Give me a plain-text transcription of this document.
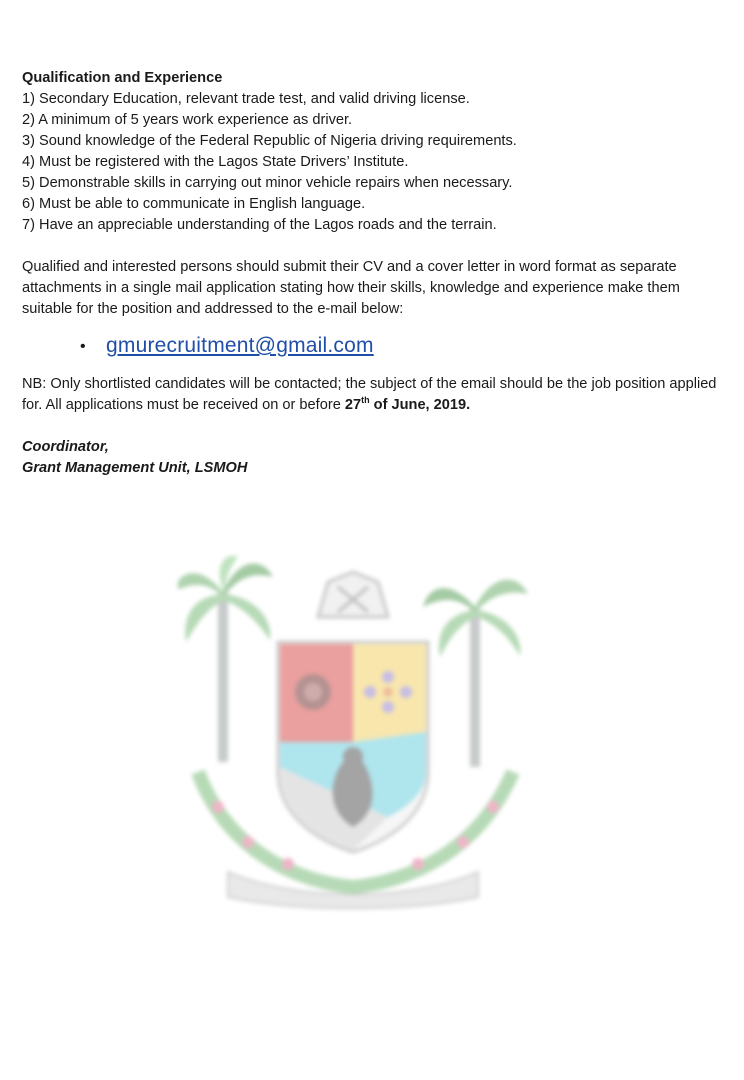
Qualification and Experience

1) Secondary Education, relevant trade test, and valid driving license.
2) A minimum of 5 years work experience as driver.
3) Sound knowledge of the Federal Republic of Nigeria driving requirements.
4) Must be registered with the Lagos State Drivers’ Institute.
5) Demonstrable skills in carrying out minor vehicle repairs when necessary.
6) Must be able to communicate in English language.
7) Have an appreciable understanding of the Lagos roads and the terrain.

Qualified and interested persons should submit their CV and a cover letter in word format as separate attachments in a single mail application stating how their skills, knowledge and experience make them suitable for the position and addressed to the e-mail below:

• gmurecruitment@gmail.com

NB: Only shortlisted candidates will be contacted; the subject of the email should be the job position applied for. All applications must be received on or before 27th of June, 2019.

Coordinator,
Grant Management Unit, LSMOH
